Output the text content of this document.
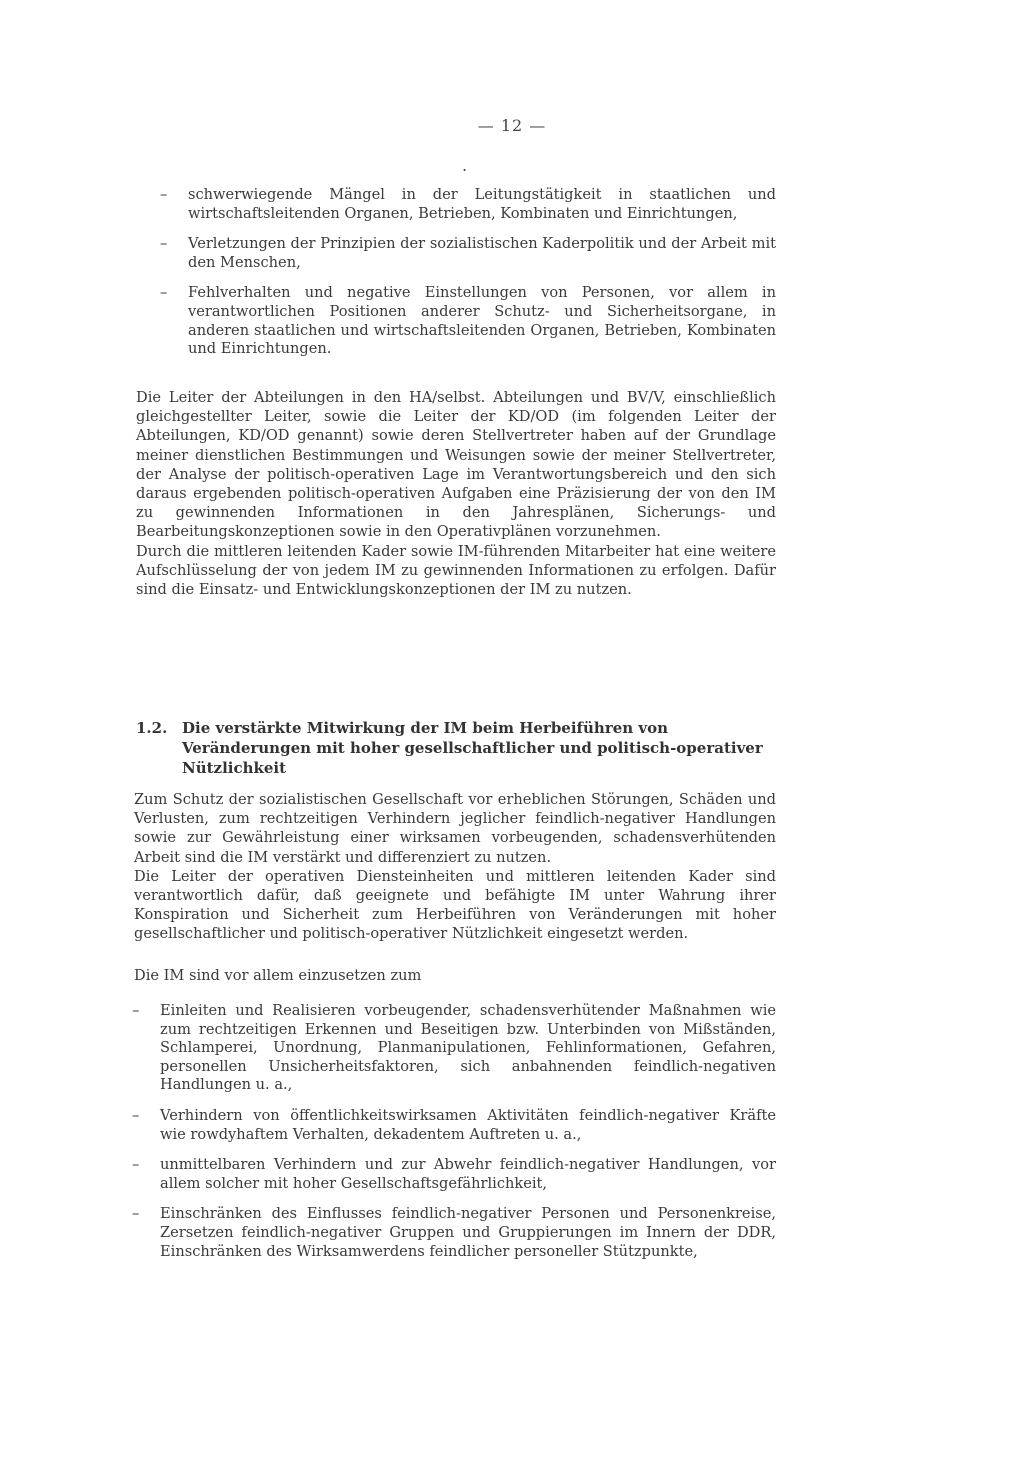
— 12 —
.
– schwerwiegende Mängel in der Leitungstätigkeit in staatlichen und wirtschaftsleitenden Organen, Betrieben, Kombinaten und Einrichtungen,
– Verletzungen der Prinzipien der sozialistischen Kaderpolitik und der Arbeit mit den Menschen,
– Fehlverhalten und negative Einstellungen von Personen, vor allem in verantwortlichen Positionen anderer Schutz- und Sicherheitsorgane, in anderen staatlichen und wirtschaftsleitenden Organen, Betrieben, Kombinaten und Einrichtungen.

Die Leiter der Abteilungen in den HA/selbst. Abteilungen und BV/V, einschließlich gleichgestellter Leiter, sowie die Leiter der KD/OD (im folgenden Leiter der Abteilungen, KD/OD genannt) sowie deren Stellvertreter haben auf der Grundlage meiner dienstlichen Bestimmungen und Weisungen sowie der meiner Stellvertreter, der Analyse der politisch-operativen Lage im Verantwortungsbereich und den sich daraus ergebenden politisch-operativen Aufgaben eine Präzisierung der von den IM zu gewinnenden Informationen in den Jahresplänen, Sicherungs- und Bearbeitungskonzeptionen sowie in den Operativplänen vorzunehmen.

Durch die mittleren leitenden Kader sowie IM-führenden Mitarbeiter hat eine weitere Aufschlüsselung der von jedem IM zu gewinnenden Informationen zu erfolgen. Dafür sind die Einsatz- und Entwicklungskonzeptionen der IM zu nutzen.

1.2. Die verstärkte Mitwirkung der IM beim Herbeiführen von Veränderungen mit hoher gesellschaftlicher und politisch-operativer Nützlichkeit

Zum Schutz der sozialistischen Gesellschaft vor erheblichen Störungen, Schäden und Verlusten, zum rechtzeitigen Verhindern jeglicher feindlich-negativer Handlungen sowie zur Gewährleistung einer wirksamen vorbeugenden, schadensverhütenden Arbeit sind die IM verstärkt und differenziert zu nutzen.

Die Leiter der operativen Diensteinheiten und mittleren leitenden Kader sind verantwortlich dafür, daß geeignete und befähigte IM unter Wahrung ihrer Konspiration und Sicherheit zum Herbeiführen von Veränderungen mit hoher gesellschaftlicher und politisch-operativer Nützlichkeit eingesetzt werden.

Die IM sind vor allem einzusetzen zum
– Einleiten und Realisieren vorbeugender, schadensverhütender Maßnahmen wie zum rechtzeitigen Erkennen und Beseitigen bzw. Unterbinden von Mißständen, Schlamperei, Unordnung, Planmanipulationen, Fehlinformationen, Gefahren, personellen Unsicherheitsfaktoren, sich anbahnenden feindlich-negativen Handlungen u. a.,
– Verhindern von öffentlichkeitswirksamen Aktivitäten feindlich-negativer Kräfte wie rowdyhaftem Verhalten, dekadentem Auftreten u. a.,
– unmittelbaren Verhindern und zur Abwehr feindlich-negativer Handlungen, vor allem solcher mit hoher Gesellschaftsgefährlichkeit,
– Einschränken des Einflusses feindlich-negativer Personen und Personenkreise, Zersetzen feindlich-negativer Gruppen und Gruppierungen im Innern der DDR, Einschränken des Wirksamwerdens feindlicher personeller Stützpunkte,
